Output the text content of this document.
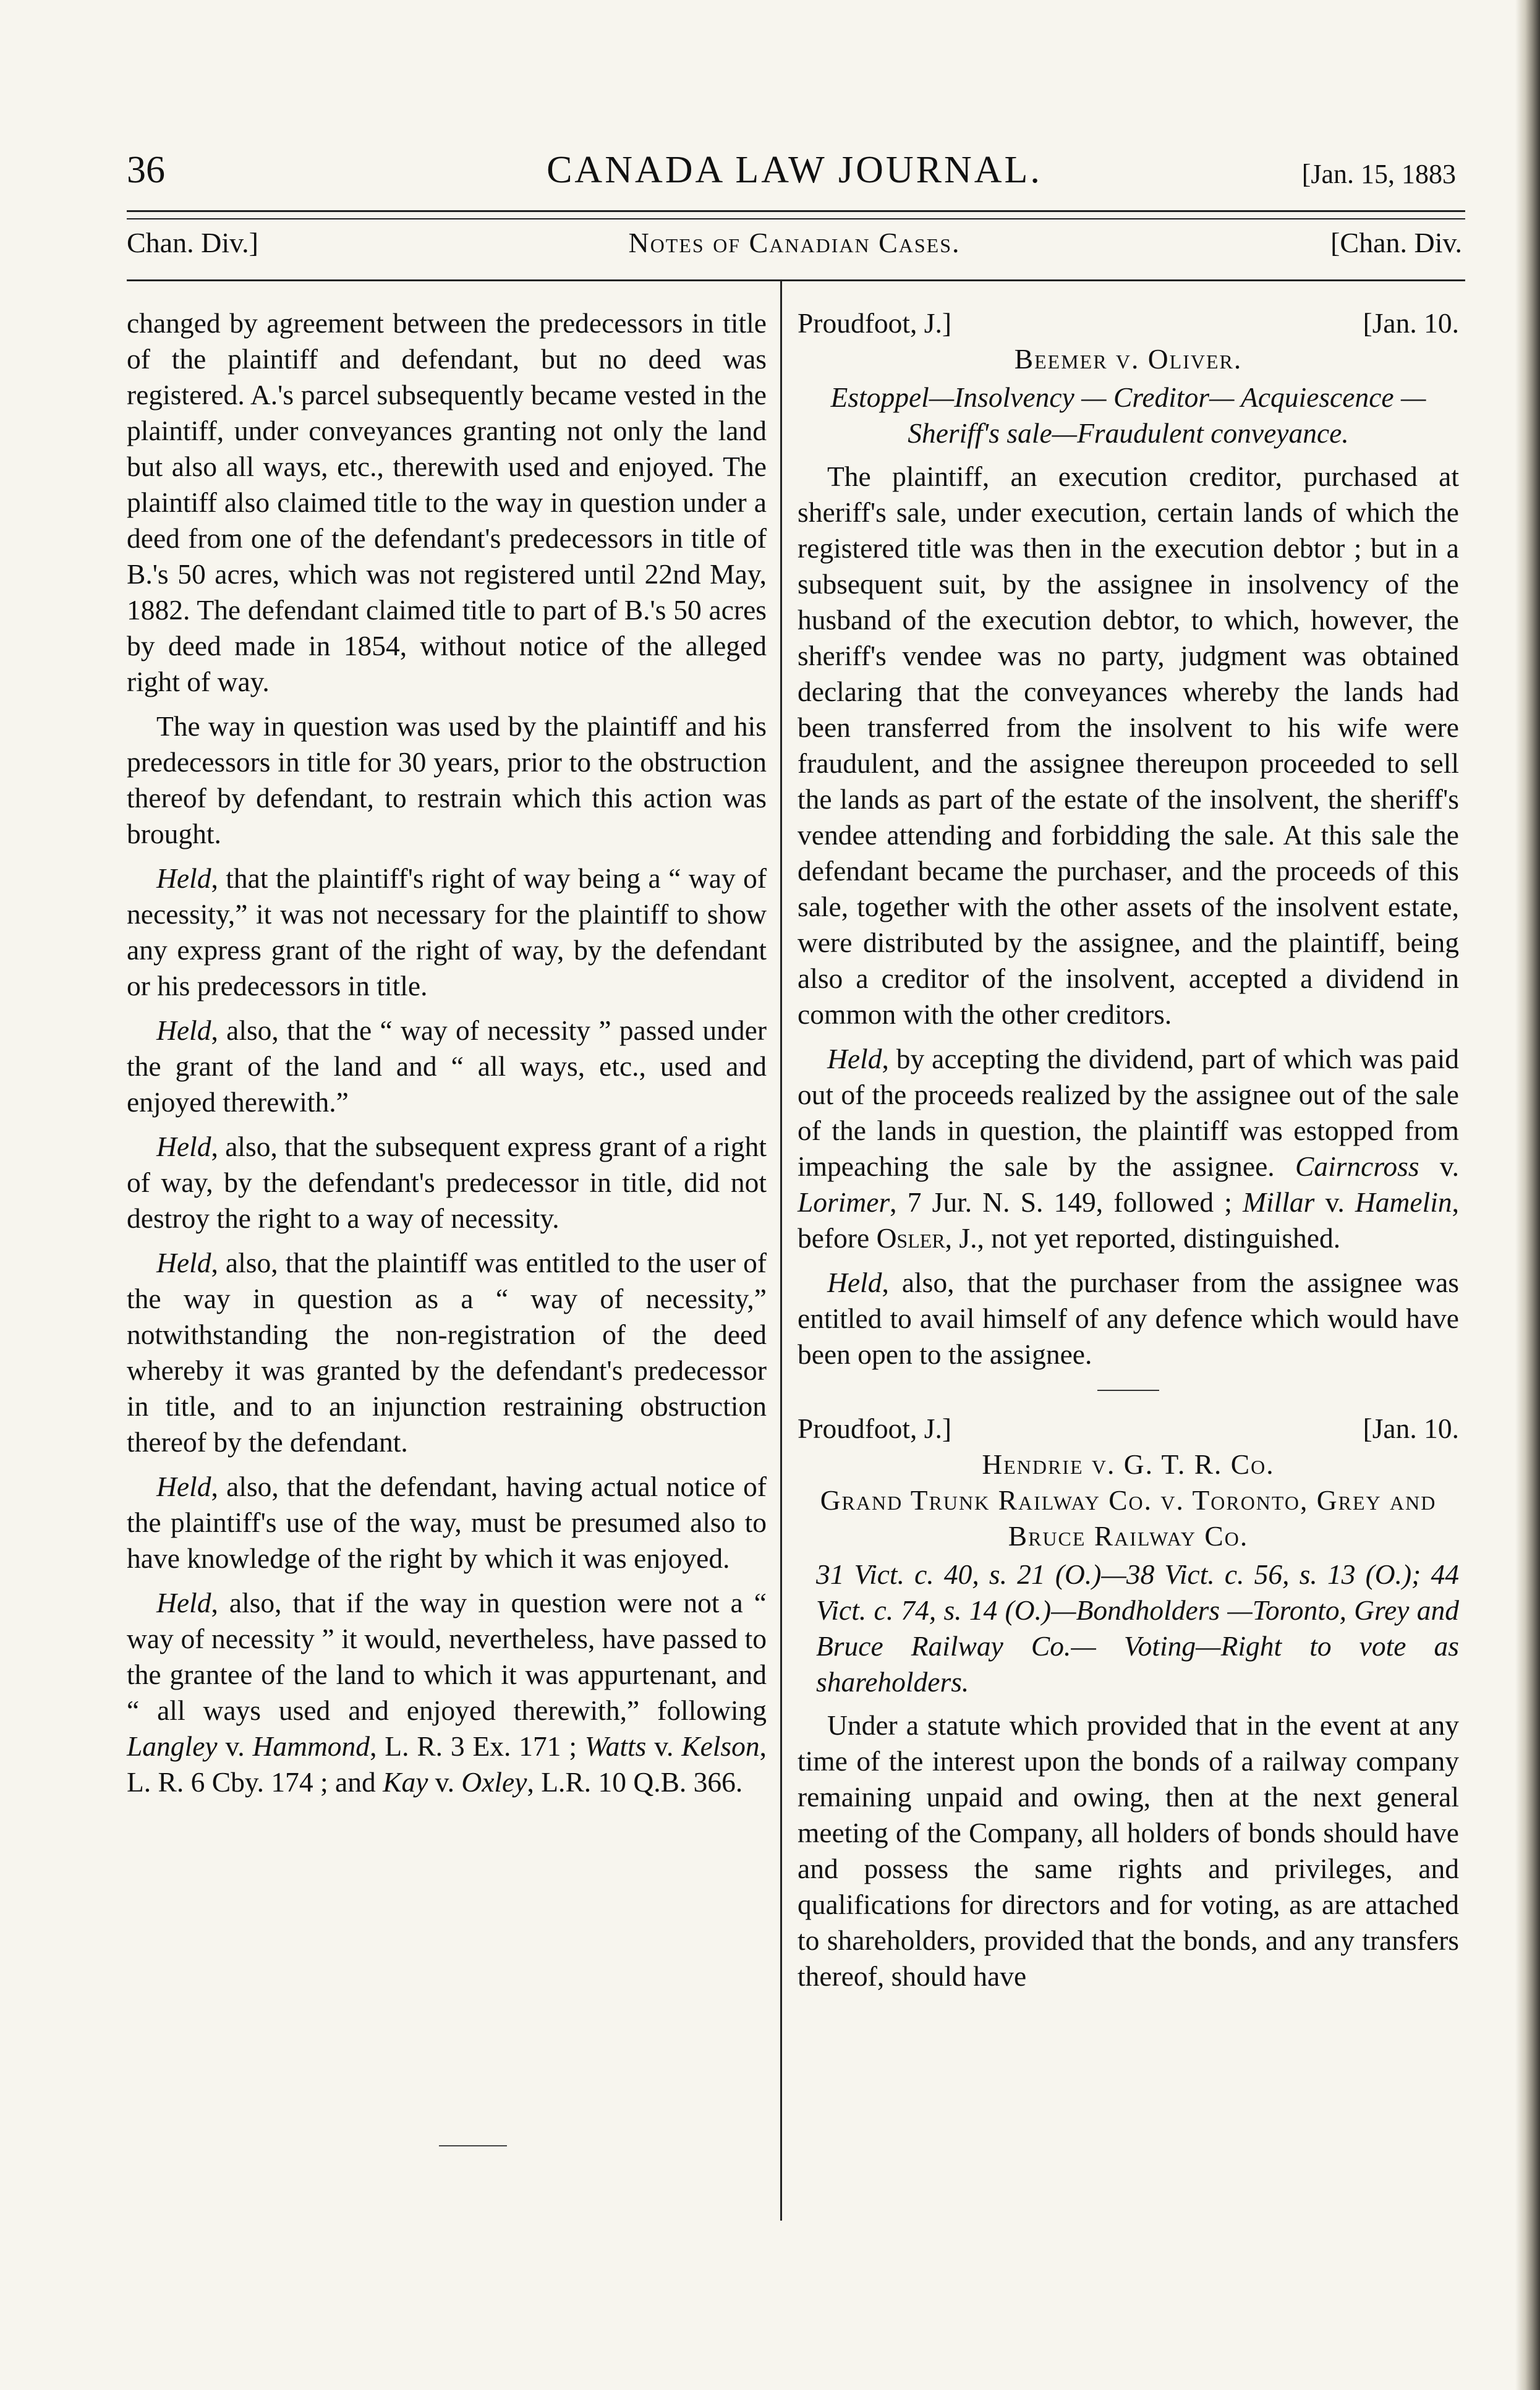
36	CANADA LAW JOURNAL.	[Jan. 15, 1883
Chan. Div.]	Notes of Canadian Cases.	[Chan. Div.

changed by agreement between the predecessors in title of the plaintiff and defendant, but no deed was registered. A.'s parcel subsequently became vested in the plaintiff, under conveyances granting not only the land but also all ways, etc., therewith used and enjoyed. The plaintiff also claimed title to the way in question under a deed from one of the defendant's predecessors in title of B.'s 50 acres, which was not registered until 22nd May, 1882. The defendant claimed title to part of B.'s 50 acres by deed made in 1854, without notice of the alleged right of way.

The way in question was used by the plaintiff and his predecessors in title for 30 years, prior to the obstruction thereof by defendant, to restrain which this action was brought.

Held, that the plaintiff's right of way being a “ way of necessity,” it was not necessary for the plaintiff to show any express grant of the right of way, by the defendant or his predecessors in title.

Held, also, that the “ way of necessity ” passed under the grant of the land and “ all ways, etc., used and enjoyed therewith.”

Held, also, that the subsequent express grant of a right of way, by the defendant's predecessor in title, did not destroy the right to a way of necessity.

Held, also, that the plaintiff was entitled to the user of the way in question as a “ way of necessity,” notwithstanding the non-registration of the deed whereby it was granted by the defendant's predecessor in title, and to an injunction restraining obstruction thereof by the defendant.

Held, also, that the defendant, having actual notice of the plaintiff's use of the way, must be presumed also to have knowledge of the right by which it was enjoyed.

Held, also, that if the way in question were not a “ way of necessity ” it would, nevertheless, have passed to the grantee of the land to which it was appurtenant, and “ all ways used and enjoyed therewith,” following Langley v. Hammond, L. R. 3 Ex. 171 ; Watts v. Kelson, L. R. 6 Cby. 174 ; and Kay v. Oxley, L.R. 10 Q.B. 366.

Proudfoot, J.]	[Jan. 10.
Beemer v. Oliver.
Estoppel—Insolvency — Creditor— Acquiescence —Sheriff's sale—Fraudulent conveyance.

The plaintiff, an execution creditor, purchased at sheriff's sale, under execution, certain lands of which the registered title was then in the execution debtor ; but in a subsequent suit, by the assignee in insolvency of the husband of the execution debtor, to which, however, the sheriff's vendee was no party, judgment was obtained declaring that the conveyances whereby the lands had been transferred from the insolvent to his wife were fraudulent, and the assignee thereupon proceeded to sell the lands as part of the estate of the insolvent, the sheriff's vendee attending and forbidding the sale. At this sale the defendant became the purchaser, and the proceeds of this sale, together with the other assets of the insolvent estate, were distributed by the assignee, and the plaintiff, being also a creditor of the insolvent, accepted a dividend in common with the other creditors.

Held, by accepting the dividend, part of which was paid out of the proceeds realized by the assignee out of the sale of the lands in question, the plaintiff was estopped from impeaching the sale by the assignee. Cairncross v. Lorimer, 7 Jur. N. S. 149, followed ; Millar v. Hamelin, before Osler, J., not yet reported, distinguished.

Held, also, that the purchaser from the assignee was entitled to avail himself of any defence which would have been open to the assignee.

Proudfoot, J.]	[Jan. 10.
Hendrie v. G. T. R. Co.
Grand Trunk Railway Co. v. Toronto, Grey and Bruce Railway Co.
31 Vict. c. 40, s. 21 (O.)—38 Vict. c. 56, s. 13 (O.); 44 Vict. c. 74, s. 14 (O.)—Bondholders —Toronto, Grey and Bruce Railway Co.— Voting—Right to vote as shareholders.

Under a statute which provided that in the event at any time of the interest upon the bonds of a railway company remaining unpaid and owing, then at the next general meeting of the Company, all holders of bonds should have and possess the same rights and privileges, and qualifications for directors and for voting, as are attached to shareholders, provided that the bonds, and any transfers thereof, should have
